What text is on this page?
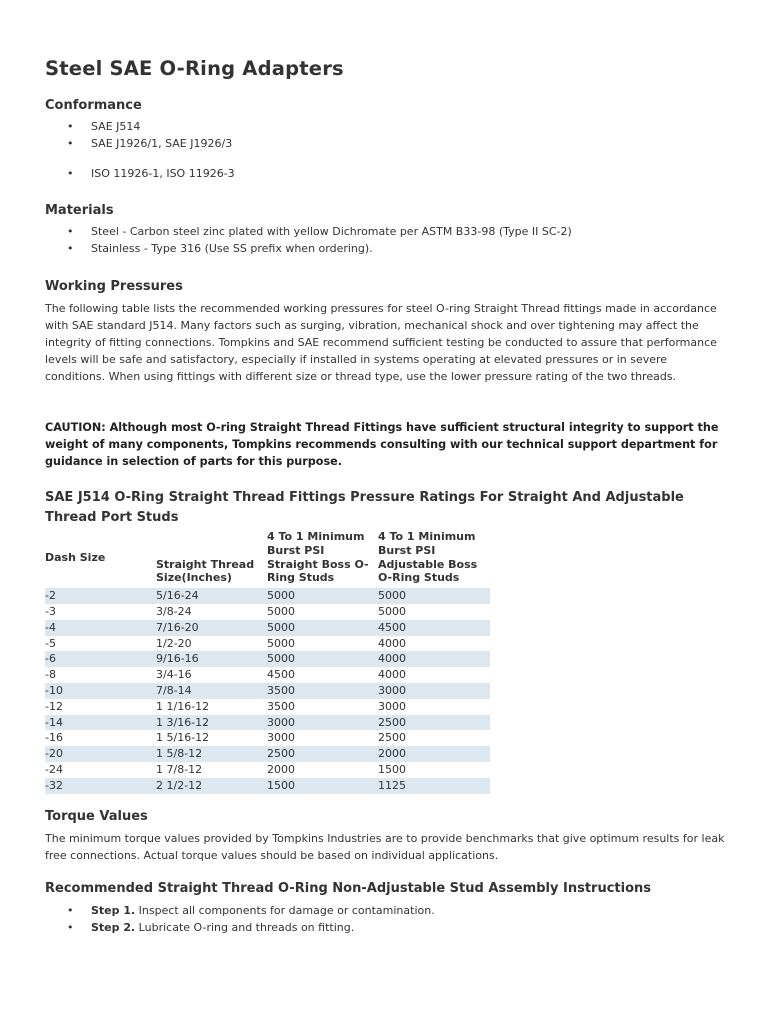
Steel SAE O-Ring Adapters
Conformance
• SAE J514
• SAE J1926/1, SAE J1926/3
• ISO 11926-1, ISO 11926-3
Materials
• Steel - Carbon steel zinc plated with yellow Dichromate per ASTM B33-98 (Type II SC-2)
• Stainless - Type 316 (Use SS prefix when ordering).
Working Pressures

The following table lists the recommended working pressures for steel O-ring Straight Thread fittings made in accordance with SAE standard J514. Many factors such as surging, vibration, mechanical shock and over tightening may affect the integrity of fitting connections. Tompkins and SAE recommend sufficient testing be conducted to assure that performance levels will be safe and satisfactory, especially if installed in systems operating at elevated pressures or in severe conditions. When using fittings with different size or thread type, use the lower pressure rating of the two threads.

CAUTION: Although most O-ring Straight Thread Fittings have sufficient structural integrity to support the weight of many components, Tompkins recommends consulting with our technical support department for guidance in selection of parts for this purpose.

SAE J514 O-Ring Straight Thread Fittings Pressure Ratings For Straight And Adjustable Thread Port Studs
Dash Size	Straight Thread Size(Inches)	4 To 1 Minimum Burst PSI Straight Boss O-Ring Studs	4 To 1 Minimum Burst PSI Adjustable Boss O-Ring Studs
-2	5/16-24	5000	5000
-3	3/8-24	5000	5000
-4	7/16-20	5000	4500
-5	1/2-20	5000	4000
-6	9/16-16	5000	4000
-8	3/4-16	4500	4000
-10	7/8-14	3500	3000
-12	1 1/16-12	3500	3000
-14	1 3/16-12	3000	2500
-16	1 5/16-12	3000	2500
-20	1 5/8-12	2500	2000
-24	1 7/8-12	2000	1500
-32	2 1/2-12	1500	1125
Torque Values

The minimum torque values provided by Tompkins Industries are to provide benchmarks that give optimum results for leak free connections. Actual torque values should be based on individual applications.

Recommended Straight Thread O-Ring Non-Adjustable Stud Assembly Instructions
• Step 1. Inspect all components for damage or contamination.
• Step 2. Lubricate O-ring and threads on fitting.
